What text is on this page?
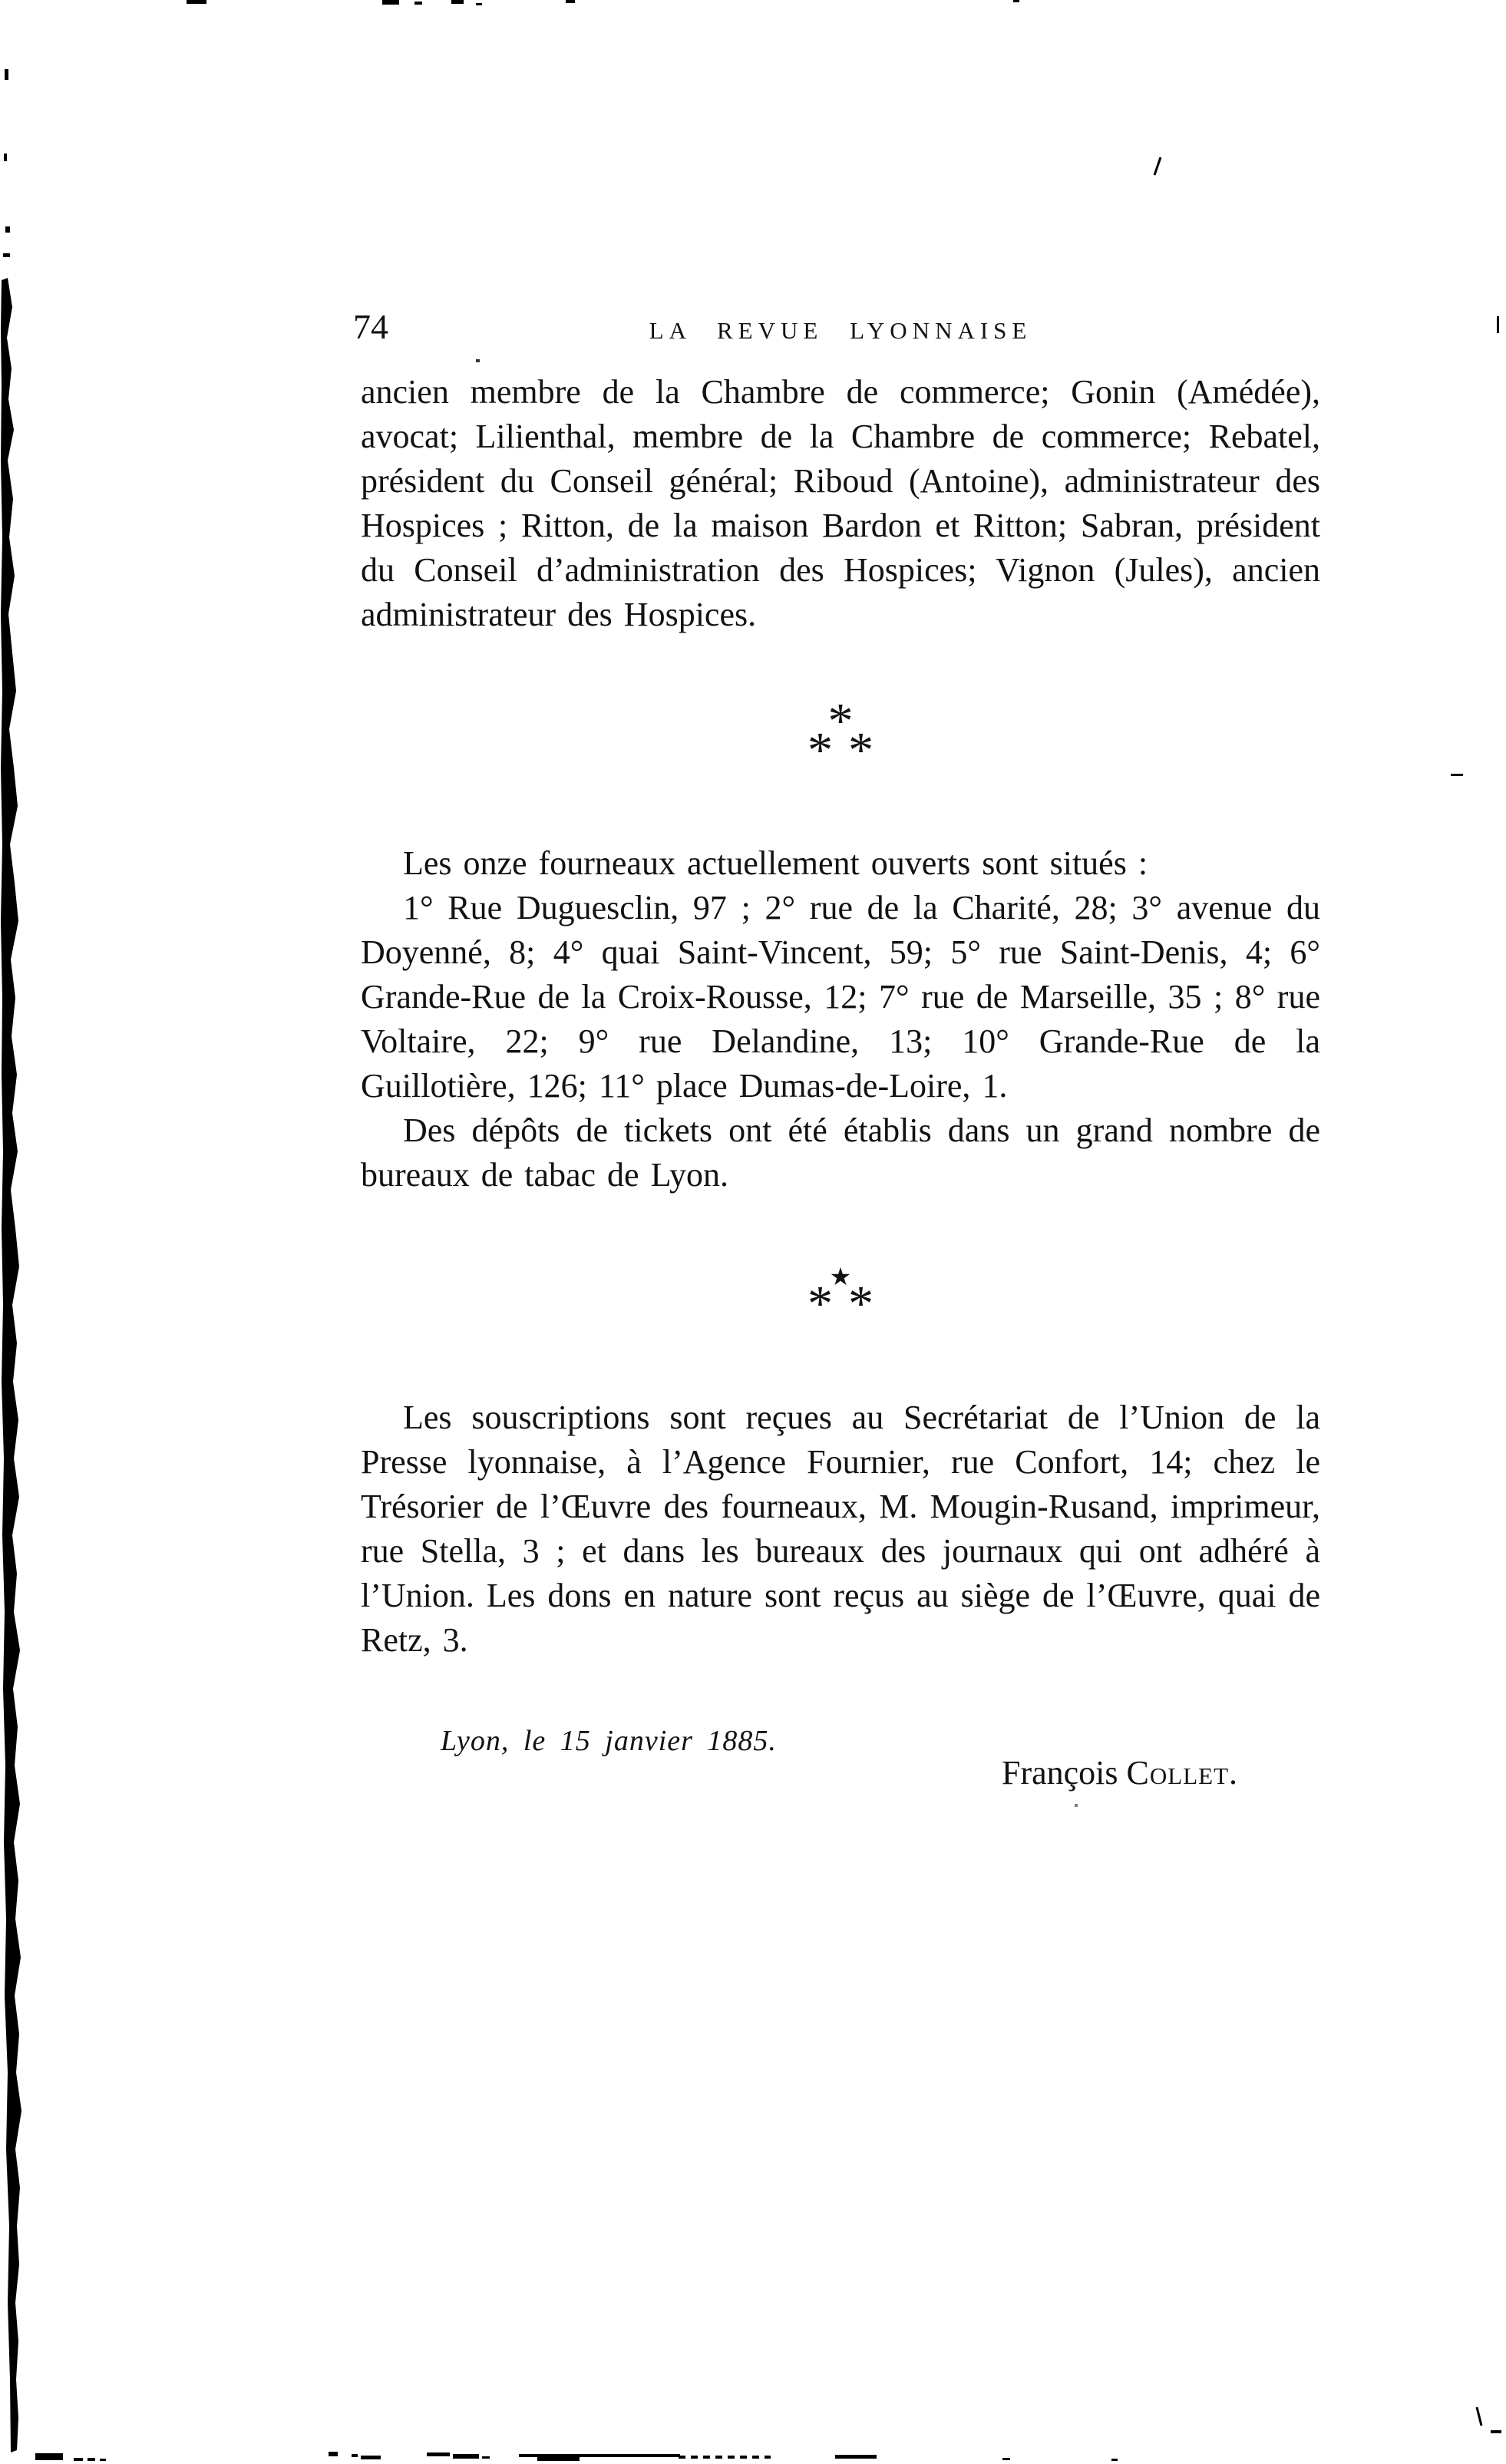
74	LA REVUE LYONNAISE

ancien membre de la Chambre de commerce; Gonin (Amédée), avocat; Lilienthal, membre de la Chambre de commerce; Rebatel, président du Conseil général; Riboud (Antoine), administrateur des Hospices ; Ritton, de la maison Bardon et Ritton; Sabran, président du Conseil d’administration des Hospices; Vignon (Jules), ancien administrateur des Hospices.

*
* *

Les onze fourneaux actuellement ouverts sont situés :

1° Rue Duguesclin, 97 ; 2° rue de la Charité, 28; 3° avenue du Doyenné, 8; 4° quai Saint-Vincent, 59; 5° rue Saint-Denis, 4; 6° Grande-Rue de la Croix-Rousse, 12; 7° rue de Marseille, 35 ; 8° rue Voltaire, 22; 9° rue Delandine, 13; 10° Grande-Rue de la Guillotière, 126; 11° place Dumas-de-Loire, 1.

Des dépôts de tickets ont été établis dans un grand nombre de bureaux de tabac de Lyon.

★
* *

Les souscriptions sont reçues au Secrétariat de l’Union de la Presse lyonnaise, à l’Agence Fournier, rue Confort, 14; chez le Trésorier de l’Œuvre des fourneaux, M. Mougin-Rusand, imprimeur, rue Stella, 3 ; et dans les bureaux des journaux qui ont adhéré à l’Union. Les dons en nature sont reçus au siège de l’Œuvre, quai de Retz, 3.

Lyon, le 15 janvier 1885.
François Collet.
